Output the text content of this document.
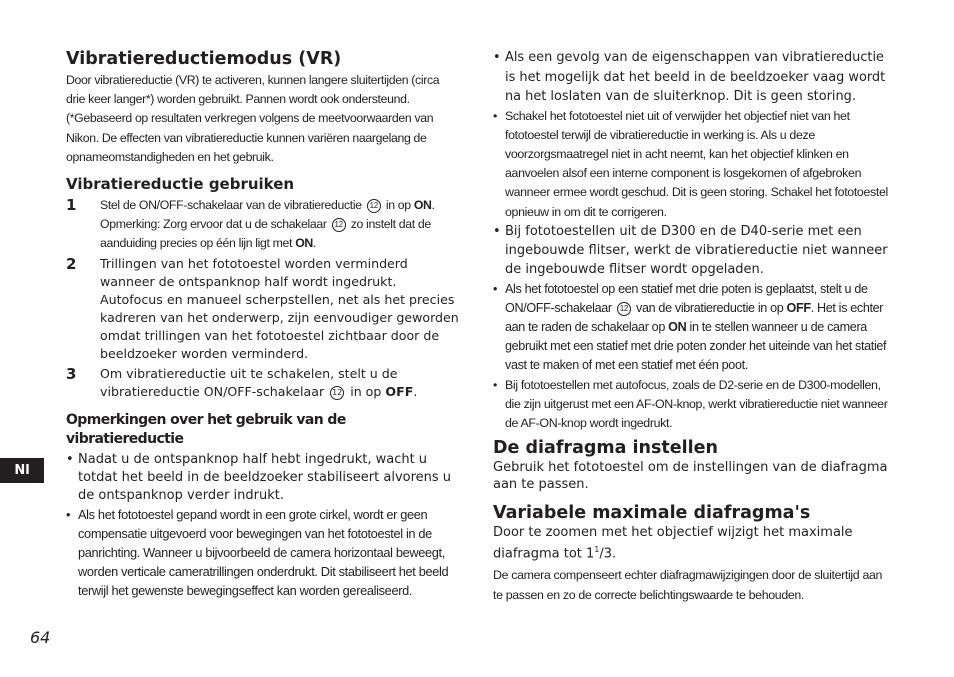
Vibratiereductiemodus (VR)

Door vibratiereductie (VR) te activeren, kunnen langere sluitertijden (circa drie keer langer*) worden gebruikt. Pannen wordt ook ondersteund. (*Gebaseerd op resultaten verkregen volgens de meetvoorwaarden van Nikon. De effecten van vibratiereductie kunnen variëren naargelang de opnameomstandigheden en het gebruik.

Vibratiereductie gebruiken
1 Stel de ON/OFF-schakelaar van de vibratiereductie 12 in op ON.

Opmerking: Zorg ervoor dat u de schakelaar 12 zo instelt dat de aanduiding precies op één lijn ligt met ON.

2 Trillingen van het fototoestel worden verminderd wanneer de ontspanknop half wordt ingedrukt. Autofocus en manueel scherpstellen, net als het precies kadreren van het onderwerp, zijn eenvoudiger geworden omdat trillingen van het fototoestel zichtbaar door de beeldzoeker worden verminderd.

3 Om vibratiereductie uit te schakelen, stelt u de vibratiereductie ON/OFF-schakelaar 12 in op OFF.

Opmerkingen over het gebruik van de vibratiereductie
• Nadat u de ontspanknop half hebt ingedrukt, wacht u totdat het beeld in de beeldzoeker stabiliseert alvorens u de ontspanknop verder indrukt.
• Als het fototoestel gepand wordt in een grote cirkel, wordt er geen compensatie uitgevoerd voor bewegingen van het fototoestel in de panrichting. Wanneer u bijvoorbeeld de camera horizontaal beweegt, worden verticale cameratrillingen onderdrukt. Dit stabiliseert het beeld terwijl het gewenste bewegingseffect kan worden gerealiseerd.
• Als een gevolg van de eigenschappen van vibratiereductie is het mogelijk dat het beeld in de beeldzoeker vaag wordt na het loslaten van de sluiterknop. Dit is geen storing.
• Schakel het fototoestel niet uit of verwijder het objectief niet van het fototoestel terwijl de vibratiereductie in werking is. Als u deze voorzorgsmaatregel niet in acht neemt, kan het objectief klinken en aanvoelen alsof een interne component is losgekomen of afgebroken wanneer ermee wordt geschud. Dit is geen storing. Schakel het fototoestel opnieuw in om dit te corrigeren.
• Bij fototoestellen uit de D300 en de D40-serie met een ingebouwde flitser, werkt de vibratiereductie niet wanneer de ingebouwde flitser wordt opgeladen.
• Als het fototoestel op een statief met drie poten is geplaatst, stelt u de ON/OFF-schakelaar 12 van de vibratiereductie in op OFF. Het is echter aan te raden de schakelaar op ON in te stellen wanneer u de camera gebruikt met een statief met drie poten zonder het uiteinde van het statief vast te maken of met een statief met één poot.
• Bij fototoestellen met autofocus, zoals de D2-serie en de D300-modellen, die zijn uitgerust met een AF-ON-knop, werkt vibratiereductie niet wanneer de AF-ON-knop wordt ingedrukt.
De diafragma instellen

Gebruik het fototoestel om de instellingen van de diafragma aan te passen.

Variabele maximale diafragma's

Door te zoomen met het objectief wijzigt het maximale diafragma tot $1^1/3$.

De camera compenseert echter diafragmawijzigingen door de sluitertijd aan te passen en zo de correcte belichtingswaarde te behouden.

Nl
64
